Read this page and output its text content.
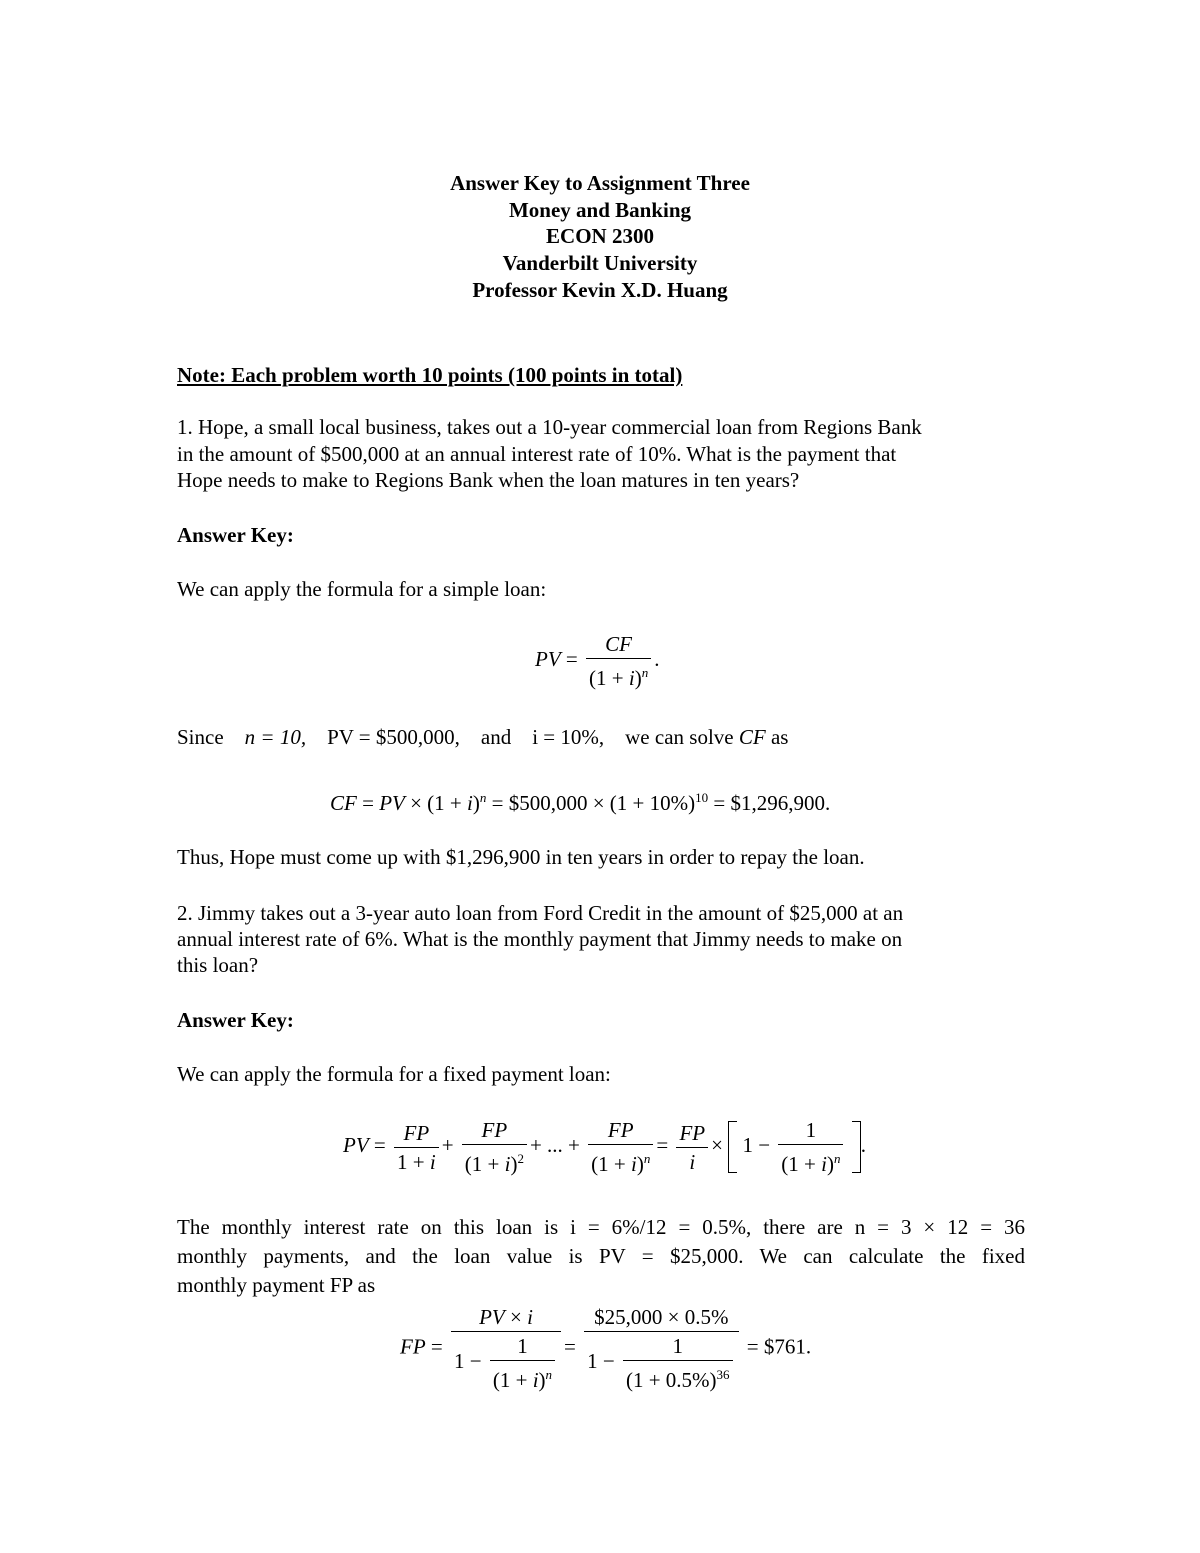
Answer Key to Assignment Three
Money and Banking
ECON 2300
Vanderbilt University
Professor Kevin X.D. Huang
Note: Each problem worth 10 points (100 points in total)
1. Hope, a small local business, takes out a 10-year commercial loan from Regions Bank
in the amount of $500,000 at an annual interest rate of 10%. What is the payment that
Hope needs to make to Regions Bank when the loan matures in ten years?
Answer Key:
We can apply the formula for a simple loan:
PV = $\frac{CF}{(1 + i)^n}$ .
Since n = 10, PV = $500,000, and i = 10%, we can solve CF as
CF = PV × $(1 + i)^n$ = $500,000 × $(1 + 10\%)^{10}$ = $1,296,900.
Thus, Hope must come up with $1,296,900 in ten years in order to repay the loan.
2. Jimmy takes out a 3-year auto loan from Ford Credit in the amount of $25,000 at an
annual interest rate of 6%. What is the monthly payment that Jimmy needs to make on
this loan?
Answer Key:
We can apply the formula for a fixed payment loan:
PV = $\frac{FP}{1 + i} + \frac{FP}{(1 + i)^2}$ + ... + $\frac{FP}{(1 + i)^n} = \frac{FP}{i} \times 1 - \frac{1}{(1 + i)^n}$ .
The monthly interest rate on this loan is i = 6%/12 = 0.5%, there are n = 3 × 12 = 36
monthly payments, and the loan value is PV = $25,000. We can calculate the fixed
monthly payment FP as
FP = $\frac{PV \times i}{1 - \frac{1}{(1 + i)^n}} = \frac{\$25,000 \times 0.5\%}{1 - \frac{1}{(1 + 0.5\%)^{36}}}$ = $761.
